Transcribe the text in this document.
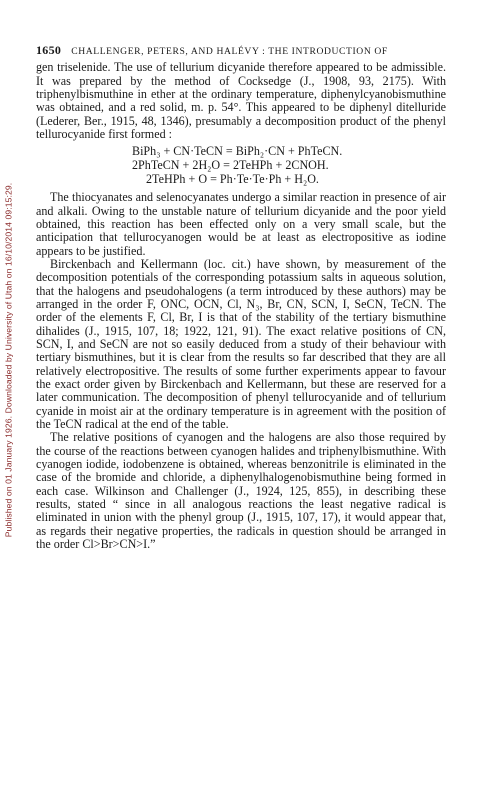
Published on 01 January 1926. Downloaded by University of Utah on 16/10/2014 09:15:29.
1650 CHALLENGER, PETERS, AND HALÉVY : THE INTRODUCTION OF

gen triselenide. The use of tellurium dicyanide therefore appeared to be admissible. It was prepared by the method of Cocksedge (J., 1908, 93, 2175). With triphenylbismuthine in ether at the ordinary temperature, diphenylcyanobismuthine was obtained, and a red solid, m. p. 54°. This appeared to be diphenyl ditelluride (Lederer, Ber., 1915, 48, 1346), presumably a decomposition product of the phenyl tellurocyanide first formed :

BiPh₃ + CN·TeCN = BiPh₂·CN + PhTeCN.
2PhTeCN + 2H₂O = 2TeHPh + 2CNOH.
2TeHPh + O = Ph·Te·Te·Ph + H₂O.

The thiocyanates and selenocyanates undergo a similar reaction in presence of air and alkali. Owing to the unstable nature of tellurium dicyanide and the poor yield obtained, this reaction has been effected only on a very small scale, but the anticipation that tellurocyanogen would be at least as electropositive as iodine appears to be justified.

Birckenbach and Kellermann (loc. cit.) have shown, by measurement of the decomposition potentials of the corresponding potassium salts in aqueous solution, that the halogens and pseudohalogens (a term introduced by these authors) may be arranged in the order F, ONC, OCN, Cl, N₃, Br, CN, SCN, I, SeCN, TeCN. The order of the elements F, Cl, Br, I is that of the stability of the tertiary bismuthine dihalides (J., 1915, 107, 18; 1922, 121, 91). The exact relative positions of CN, SCN, I, and SeCN are not so easily deduced from a study of their behaviour with tertiary bismuthines, but it is clear from the results so far described that they are all relatively electropositive. The results of some further experiments appear to favour the exact order given by Birckenbach and Kellermann, but these are reserved for a later communication. The decomposition of phenyl tellurocyanide and of tellurium cyanide in moist air at the ordinary temperature is in agreement with the position of the TeCN radical at the end of the table.

The relative positions of cyanogen and the halogens are also those required by the course of the reactions between cyanogen halides and triphenylbismuthine. With cyanogen iodide, iodobenzene is obtained, whereas benzonitrile is eliminated in the case of the bromide and chloride, a diphenylhalogenobismuthine being formed in each case. Wilkinson and Challenger (J., 1924, 125, 855), in describing these results, stated “ since in all analogous reactions the least negative radical is eliminated in union with the phenyl group (J., 1915, 107, 17), it would appear that, as regards their negative properties, the radicals in question should be arranged in the order Cl>Br>CN>I.”
